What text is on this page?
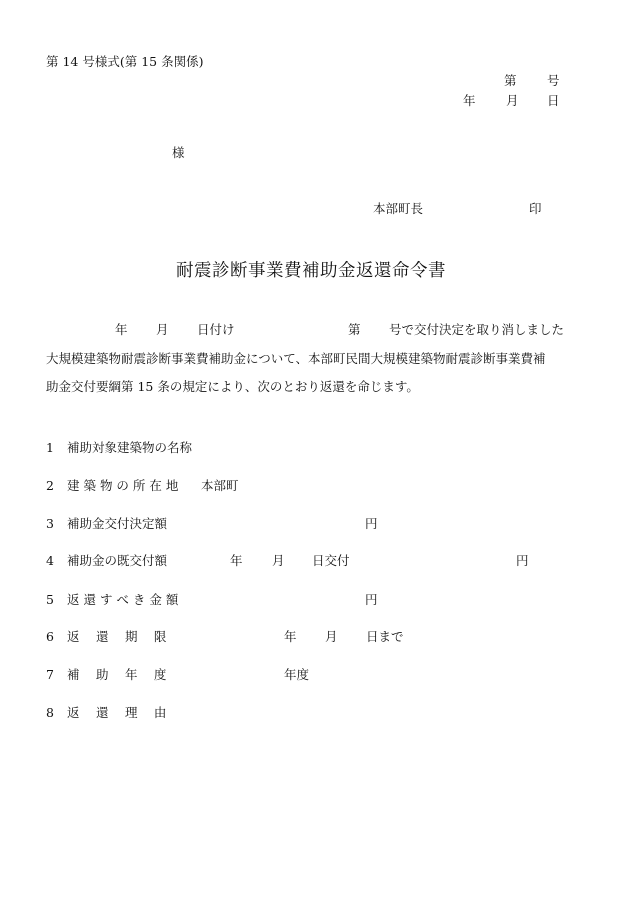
第 14 号様式(第 15 条関係)
第 号
年 月 日
様
本部町長	印
耐震診断事業費補助金返還命令書
年 月 日付け	第 号で交付決定を取り消しました
大規模建築物耐震診断事業費補助金について、本部町民間大規模建築物耐震診断事業費補
助金交付要綱第 15 条の規定により、次のとおり返還を命じます。
1 補助対象建築物の名称
2 建 築 物 の 所 在 地 本部町
3 補助金交付決定額	円
4 補助金の既交付額	年 月 日交付	円
5 返 還 す べ き 金 額	円
6 返　 還　 期　 限	年 月 日まで
7 補　 助　 年　 度	年度
8 返　 還　 理　 由
